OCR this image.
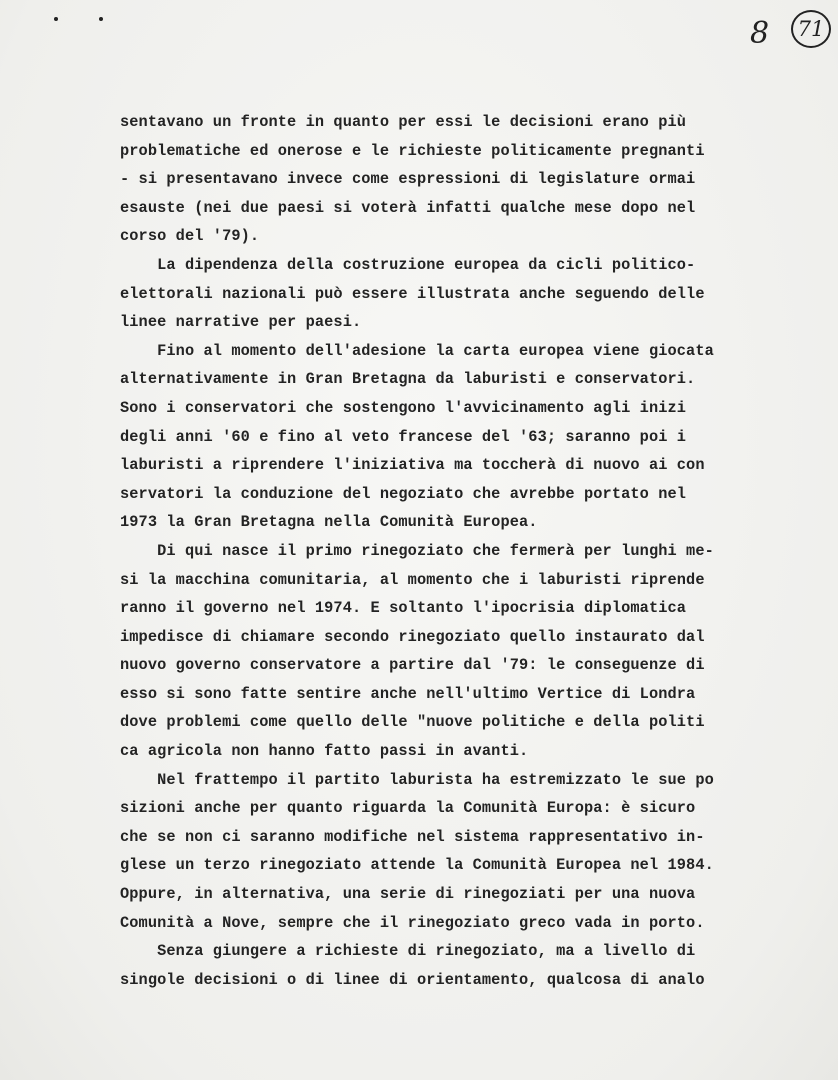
8	71
sentavano un fronte in quanto per essi le decisioni erano più
problematiche ed onerose e le richieste politicamente pregnanti
- si presentavano invece come espressioni di legislature ormai
esauste (nei due paesi si voterà infatti qualche mese dopo nel
corso del '79).
La dipendenza della costruzione europea da cicli politico-
elettorali nazionali può essere illustrata anche seguendo delle
linee narrative per paesi.
Fino al momento dell'adesione la carta europea viene giocata
alternativamente in Gran Bretagna da laburisti e conservatori.
Sono i conservatori che sostengono l'avvicinamento agli inizi
degli anni '60 e fino al veto francese del '63; saranno poi i
laburisti a riprendere l'iniziativa ma toccherà di nuovo ai con
servatori la conduzione del negoziato che avrebbe portato nel
1973 la Gran Bretagna nella Comunità Europea.
Di qui nasce il primo rinegoziato che fermerà per lunghi me-
si la macchina comunitaria, al momento che i laburisti riprende
ranno il governo nel 1974. E soltanto l'ipocrisia diplomatica
impedisce di chiamare secondo rinegoziato quello instaurato dal
nuovo governo conservatore a partire dal '79: le conseguenze di
esso si sono fatte sentire anche nell'ultimo Vertice di Londra
dove problemi come quello delle "nuove politiche e della politi
ca agricola non hanno fatto passi in avanti.
Nel frattempo il partito laburista ha estremizzato le sue po
sizioni anche per quanto riguarda la Comunità Europa: è sicuro
che se non ci saranno modifiche nel sistema rappresentativo in-
glese un terzo rinegoziato attende la Comunità Europea nel 1984.
Oppure, in alternativa, una serie di rinegoziati per una nuova
Comunità a Nove, sempre che il rinegoziato greco vada in porto.
Senza giungere a richieste di rinegoziato, ma a livello di
singole decisioni o di linee di orientamento, qualcosa di analo
